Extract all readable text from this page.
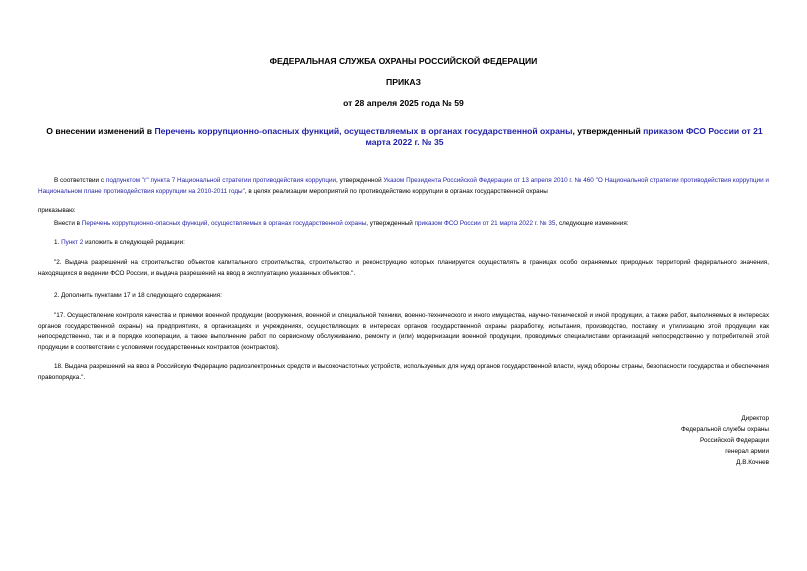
ФЕДЕРАЛЬНАЯ СЛУЖБА ОХРАНЫ РОССИЙСКОЙ ФЕДЕРАЦИИ
ПРИКАЗ
от 28 апреля 2025 года № 59
О внесении изменений в Перечень коррупционно-опасных функций, осуществляемых в органах государственной охраны, утвержденный приказом ФСО России от 21 марта 2022 г. № 35
В соответствии с подпунктом "г" пункта 7 Национальной стратегии противодействия коррупции, утвержденной Указом Президента Российской Федерации от 13 апреля 2010 г. № 460 "О Национальной стратегии противодействия коррупции и Национальном плане противодействия коррупции на 2010-2011 годы", в целях реализации мероприятий по противодействию коррупции в органах государственной охраны
приказываю:
Внести в Перечень коррупционно-опасных функций, осуществляемых в органах государственной охраны, утвержденный приказом ФСО России от 21 марта 2022 г. № 35, следующие изменения:
1. Пункт 2 изложить в следующей редакции:
"2. Выдача разрешений на строительство объектов капитального строительства, строительство и реконструкцию которых планируется осуществлять в границах особо охраняемых природных территорий федерального значения, находящихся в ведении ФСО России, и выдача разрешений на ввод в эксплуатацию указанных объектов.".
2. Дополнить пунктами 17 и 18 следующего содержания:
"17. Осуществление контроля качества и приемки военной продукции (вооружения, военной и специальной техники, военно-технического и иного имущества, научно-технической и иной продукции, а также работ, выполняемых в интересах органов государственной охраны) на предприятиях, в организациях и учреждениях, осуществляющих в интересах органов государственной охраны разработку, испытания, производство, поставку и утилизацию этой продукции как непосредственно, так и в порядке кооперации, а также выполнение работ по сервисному обслуживанию, ремонту и (или) модернизации военной продукции, проводимых специалистами организаций непосредственно у потребителей этой продукции в соответствии с условиями государственных контрактов (контрактов).
18. Выдача разрешений на ввоз в Российскую Федерацию радиоэлектронных средств и высокочастотных устройств, используемых для нужд органов государственной власти, нужд обороны страны, безопасности государства и обеспечения правопорядка.".
Директор
Федеральной службы охраны
Российской Федерации
генерал армии
Д.В.Кочнев
